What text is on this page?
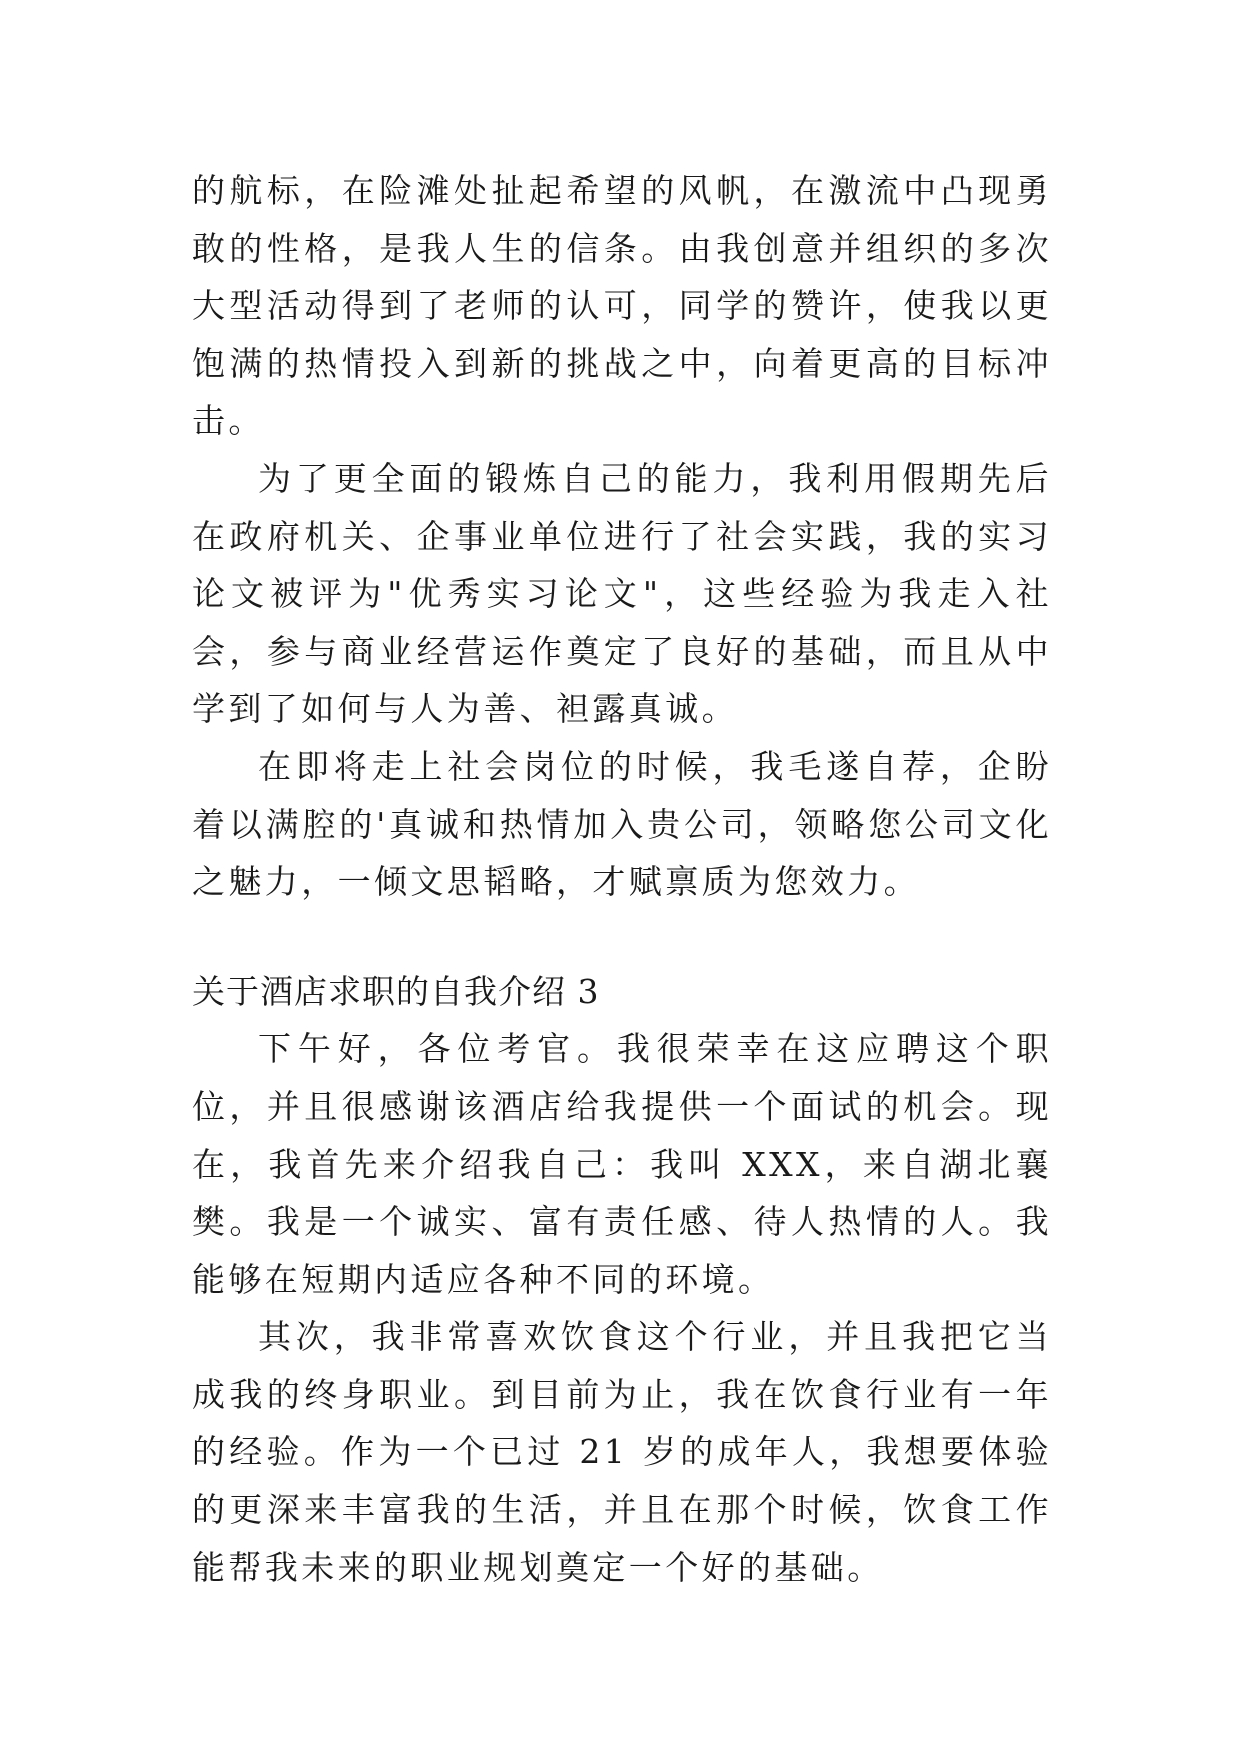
的航标，在险滩处扯起希望的风帆，在激流中凸现勇敢的性格，是我人生的信条。由我创意并组织的多次大型活动得到了老师的认可，同学的赞许，使我以更饱满的热情投入到新的挑战之中，向着更高的目标冲击。

为了更全面的锻炼自己的能力，我利用假期先后在政府机关、企事业单位进行了社会实践，我的实习论文被评为"优秀实习论文"，这些经验为我走入社会，参与商业经营运作奠定了良好的基础，而且从中学到了如何与人为善、袒露真诚。

在即将走上社会岗位的时候，我毛遂自荐，企盼着以满腔的'真诚和热情加入贵公司，领略您公司文化之魅力，一倾文思韬略，才赋禀质为您效力。

关于酒店求职的自我介绍 3

下午好，各位考官。我很荣幸在这应聘这个职位，并且很感谢该酒店给我提供一个面试的机会。现在，我首先来介绍我自己：我叫 XXX，来自湖北襄樊。我是一个诚实、富有责任感、待人热情的人。我能够在短期内适应各种不同的环境。

其次，我非常喜欢饮食这个行业，并且我把它当成我的终身职业。到目前为止，我在饮食行业有一年的经验。作为一个已过 21 岁的成年人，我想要体验的更深来丰富我的生活，并且在那个时候，饮食工作能帮我未来的职业规划奠定一个好的基础。
